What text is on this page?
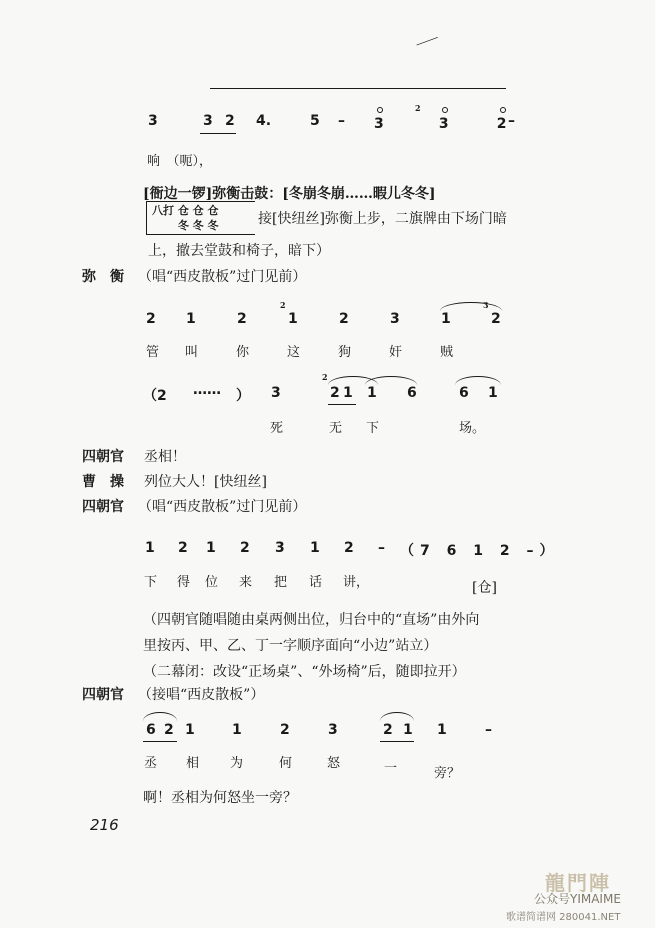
⸺
3	3 2 4.	5 – 3
2
3	2 –
响　（呃），
[衙边一锣]弥衡击鼓：[冬崩冬崩……暇儿冬冬]
八打 仓 仓 仓
　　 冬 冬 冬	接[快纽丝]弥衡上步，二旗牌由下场门暗
上，撤去堂鼓和椅子，暗下）
弥　衡 （唱“西皮散板”过门见前）
2 1	2
2
1	2	3	1
3
2
管 叫	你	这	狗	奸	贼
（2 …… ） 3
2
2 1 1 6	6 1
死	无 下	场。
四朝官 丞相！
曹　操 列位大人！[快纽丝]
四朝官 （唱“西皮散板”过门见前）
1 2 1 2 3 1 2 – （7 6 1 2 –）
下 得 位 来 把 话 讲，	[仓]
（四朝官随唱随由桌两侧出位，归台中的“直场”由外向
里按丙、甲、乙、丁一字顺序面向“小边”站立）
（二幕闭：改设“正场桌”、“外场椅”后，随即拉开）
四朝官 （接唱“西皮散板”）
6 2 1	1	2	3	2 1 1	–
丞 相 为	何	怒	一	旁？
啊！丞相为何怒坐一旁？
216
龍門陣
公众号YIMAIME
歌谱简谱网 280041.NET
